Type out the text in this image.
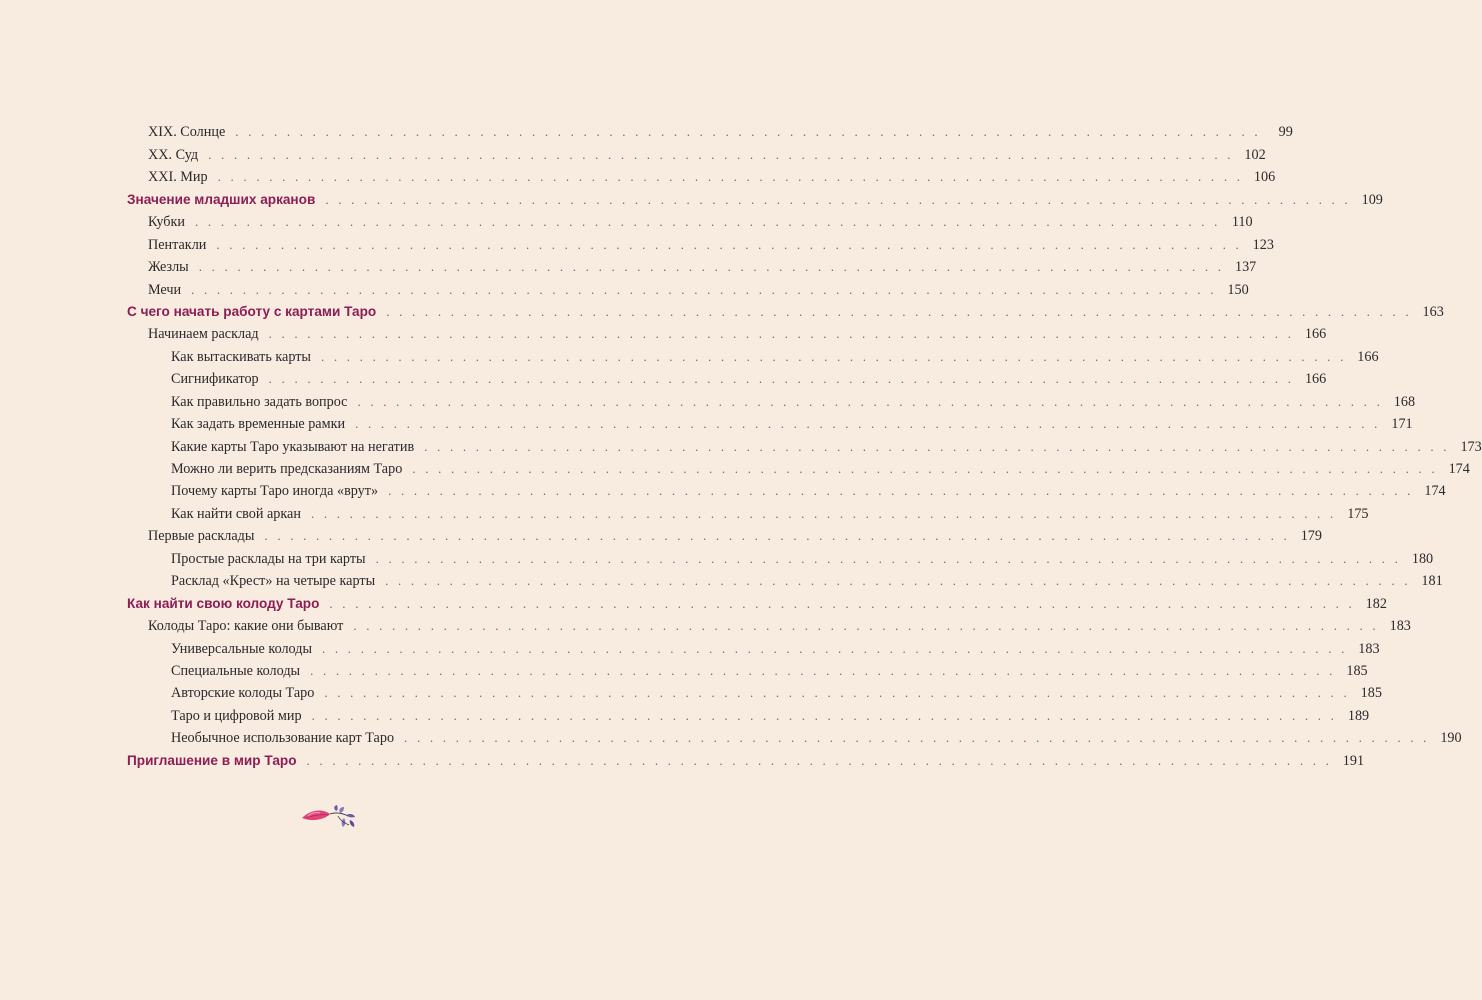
XIX. Солнце . . . . . . . . . . . . . . . . . . . . . . . . . . . . . . . . . . . . . . . . . . . . . . . . . . . . . . . . . . . . . . . . . . . . . . . . . . . . . . . .	99
XX. Суд . . . . . . . . . . . . . . . . . . . . . . . . . . . . . . . . . . . . . . . . . . . . . . . . . . . . . . . . . . . . . . . . . . . . . . . . . . . . . . . . 102
XXI. Мир . . . . . . . . . . . . . . . . . . . . . . . . . . . . . . . . . . . . . . . . . . . . . . . . . . . . . . . . . . . . . . . . . . . . . . . . . . . . . . . . 106
Значение младших арканов . . . . . . . . . . . . . . . . . . . . . . . . . . . . . . . . . . . . . . . . . . . . . . . . . . . . . . . . . . . . . . . . . . . . . . . . . . . . . . . . 109
Кубки . . . . . . . . . . . . . . . . . . . . . . . . . . . . . . . . . . . . . . . . . . . . . . . . . . . . . . . . . . . . . . . . . . . . . . . . . . . . . . . . 110
Пентакли . . . . . . . . . . . . . . . . . . . . . . . . . . . . . . . . . . . . . . . . . . . . . . . . . . . . . . . . . . . . . . . . . . . . . . . . . . . . . . . . 123
Жезлы . . . . . . . . . . . . . . . . . . . . . . . . . . . . . . . . . . . . . . . . . . . . . . . . . . . . . . . . . . . . . . . . . . . . . . . . . . . . . . . . 137
Мечи . . . . . . . . . . . . . . . . . . . . . . . . . . . . . . . . . . . . . . . . . . . . . . . . . . . . . . . . . . . . . . . . . . . . . . . . . . . . . . . . 150
С чего начать работу с картами Таро . . . . . . . . . . . . . . . . . . . . . . . . . . . . . . . . . . . . . . . . . . . . . . . . . . . . . . . . . . . . . . . . . . . . . . . . . . . . . . . . 163
Начинаем расклад . . . . . . . . . . . . . . . . . . . . . . . . . . . . . . . . . . . . . . . . . . . . . . . . . . . . . . . . . . . . . . . . . . . . . . . . . . . . . . . . 166
Как вытаскивать карты . . . . . . . . . . . . . . . . . . . . . . . . . . . . . . . . . . . . . . . . . . . . . . . . . . . . . . . . . . . . . . . . . . . . . . . . . . . . . . . . 166
Сигнификатор . . . . . . . . . . . . . . . . . . . . . . . . . . . . . . . . . . . . . . . . . . . . . . . . . . . . . . . . . . . . . . . . . . . . . . . . . . . . . . . . 166
Как правильно задать вопрос . . . . . . . . . . . . . . . . . . . . . . . . . . . . . . . . . . . . . . . . . . . . . . . . . . . . . . . . . . . . . . . . . . . . . . . . . . . . . . . . 168
Как задать временные рамки . . . . . . . . . . . . . . . . . . . . . . . . . . . . . . . . . . . . . . . . . . . . . . . . . . . . . . . . . . . . . . . . . . . . . . . . . . . . . . . . 171
Какие карты Таро указывают на негатив . . . . . . . . . . . . . . . . . . . . . . . . . . . . . . . . . . . . . . . . . . . . . . . . . . . . . . . . . . . . . . . . . . . . . . . . . . . . . . . . 173
Можно ли верить предсказаниям Таро . . . . . . . . . . . . . . . . . . . . . . . . . . . . . . . . . . . . . . . . . . . . . . . . . . . . . . . . . . . . . . . . . . . . . . . . . . . . . . . . 174
Почему карты Таро иногда «врут» . . . . . . . . . . . . . . . . . . . . . . . . . . . . . . . . . . . . . . . . . . . . . . . . . . . . . . . . . . . . . . . . . . . . . . . . . . . . . . . . 174
Как найти свой аркан . . . . . . . . . . . . . . . . . . . . . . . . . . . . . . . . . . . . . . . . . . . . . . . . . . . . . . . . . . . . . . . . . . . . . . . . . . . . . . . . 175
Первые расклады . . . . . . . . . . . . . . . . . . . . . . . . . . . . . . . . . . . . . . . . . . . . . . . . . . . . . . . . . . . . . . . . . . . . . . . . . . . . . . . . 179
Простые расклады на три карты . . . . . . . . . . . . . . . . . . . . . . . . . . . . . . . . . . . . . . . . . . . . . . . . . . . . . . . . . . . . . . . . . . . . . . . . . . . . . . . . 180
Расклад «Крест» на четыре карты . . . . . . . . . . . . . . . . . . . . . . . . . . . . . . . . . . . . . . . . . . . . . . . . . . . . . . . . . . . . . . . . . . . . . . . . . . . . . . . . 181
Как найти свою колоду Таро . . . . . . . . . . . . . . . . . . . . . . . . . . . . . . . . . . . . . . . . . . . . . . . . . . . . . . . . . . . . . . . . . . . . . . . . . . . . . . . . 182
Колоды Таро: какие они бывают . . . . . . . . . . . . . . . . . . . . . . . . . . . . . . . . . . . . . . . . . . . . . . . . . . . . . . . . . . . . . . . . . . . . . . . . . . . . . . . . 183
Универсальные колоды . . . . . . . . . . . . . . . . . . . . . . . . . . . . . . . . . . . . . . . . . . . . . . . . . . . . . . . . . . . . . . . . . . . . . . . . . . . . . . . . 183
Специальные колоды . . . . . . . . . . . . . . . . . . . . . . . . . . . . . . . . . . . . . . . . . . . . . . . . . . . . . . . . . . . . . . . . . . . . . . . . . . . . . . . . 185
Авторские колоды Таро . . . . . . . . . . . . . . . . . . . . . . . . . . . . . . . . . . . . . . . . . . . . . . . . . . . . . . . . . . . . . . . . . . . . . . . . . . . . . . . . 185
Таро и цифровой мир . . . . . . . . . . . . . . . . . . . . . . . . . . . . . . . . . . . . . . . . . . . . . . . . . . . . . . . . . . . . . . . . . . . . . . . . . . . . . . . . 189
Необычное использование карт Таро . . . . . . . . . . . . . . . . . . . . . . . . . . . . . . . . . . . . . . . . . . . . . . . . . . . . . . . . . . . . . . . . . . . . . . . . . . . . . . . . 190
Приглашение в мир Таро . . . . . . . . . . . . . . . . . . . . . . . . . . . . . . . . . . . . . . . . . . . . . . . . . . . . . . . . . . . . . . . . . . . . . . . . . . . . . . . . 191
